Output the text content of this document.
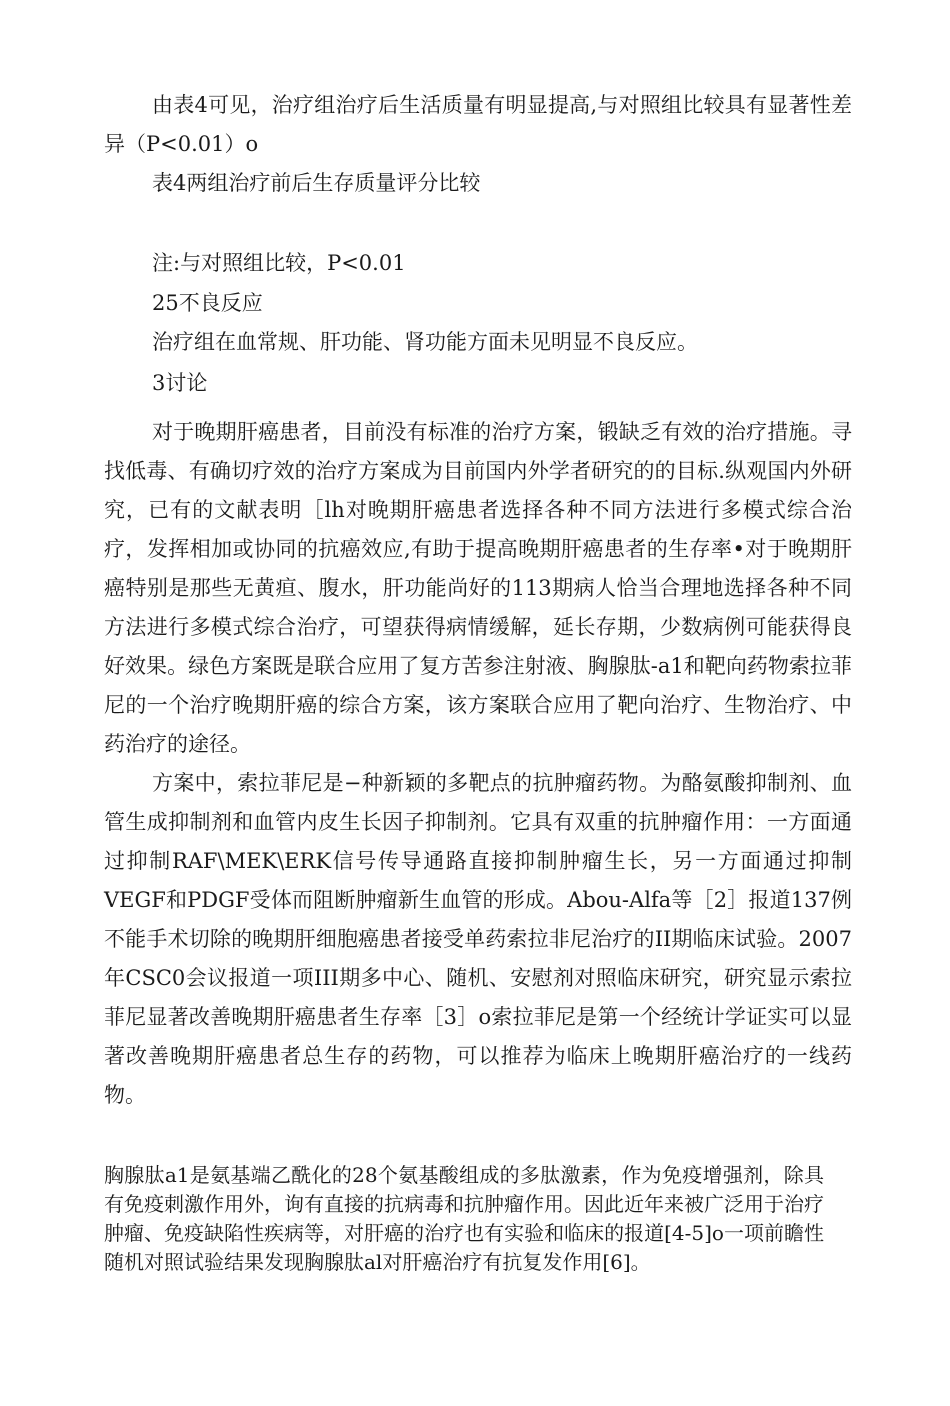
由表4可见，治疗组治疗后生活质量有明显提高,与对照组比较具有显著性差异（P<0.01）o

表4两组治疗前后生存质量评分比较

注:与对照组比较，P<0.01

25不良反应

治疗组在血常规、肝功能、肾功能方面未见明显不良反应。

3讨论

对于晚期肝癌患者，目前没有标准的治疗方案，锻缺乏有效的治疗措施。寻找低毒、有确切疗效的治疗方案成为目前国内外学者研究的的目标.纵观国内外研究，已有的文献表明［lh对晚期肝癌患者选择各种不同方法进行多模式综合治疗，发挥相加或协同的抗癌效应,有助于提高晚期肝癌患者的生存率•对于晚期肝癌特别是那些无黄疸、腹水，肝功能尚好的113期病人恰当合理地选择各种不同方法进行多模式综合治疗，可望获得病情缓解，延长存期，少数病例可能获得良好效果。绿色方案既是联合应用了复方苦参注射液、胸腺肽-a1和靶向药物索拉菲尼的一个治疗晚期肝癌的综合方案，该方案联合应用了靶向治疗、生物治疗、中药治疗的途径。

方案中，索拉菲尼是−种新颖的多靶点的抗肿瘤药物。为酪氨酸抑制剂、血管生成抑制剂和血管内皮生长因子抑制剂。它具有双重的抗肿瘤作用：一方面通过抑制RAF\MEK\ERK信号传导通路直接抑制肿瘤生长，另一方面通过抑制VEGF和PDGF受体而阻断肿瘤新生血管的形成。Abou-Alfa等［2］报道137例不能手术切除的晚期肝细胞癌患者接受单药索拉非尼治疗的II期临床试验。2007年CSC0会议报道一项III期多中心、随机、安慰剂对照临床研究，研究显示索拉菲尼显著改善晚期肝癌患者生存率［3］o索拉菲尼是第一个经统计学证实可以显著改善晚期肝癌患者总生存的药物，可以推荐为临床上晚期肝癌治疗的一线药物。

胸腺肽a1是氨基端乙酰化的28个氨基酸组成的多肽激素，作为免疫增强剂，除具有免疫刺激作用外，询有直接的抗病毒和抗肿瘤作用。因此近年来被广泛用于治疗肿瘤、免疫缺陷性疾病等，对肝癌的治疗也有实验和临床的报道[4-5]o一项前瞻性随机对照试验结果发现胸腺肽al对肝癌治疗有抗复发作用[6]。
